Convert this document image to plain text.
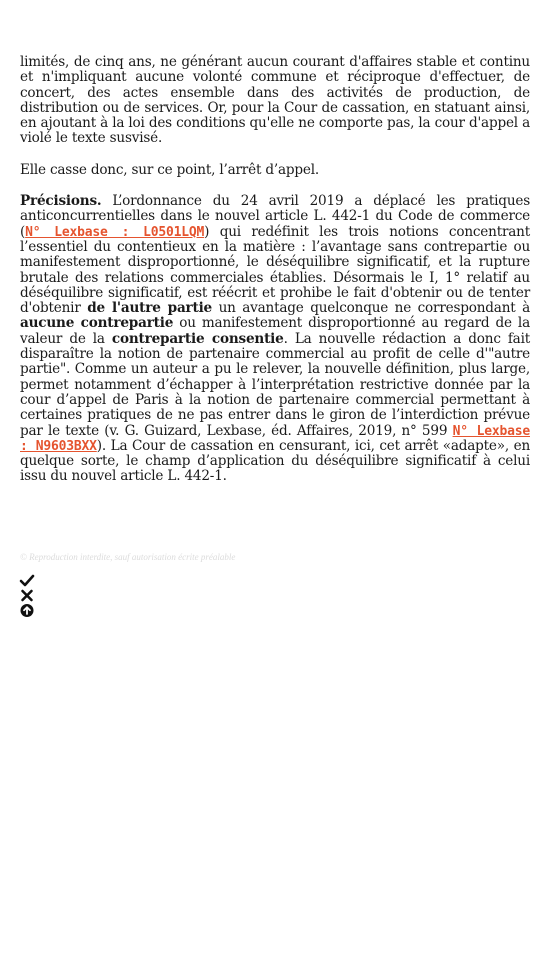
limités, de cinq ans, ne générant aucun courant d'affaires stable et continu et n'impliquant aucune volonté commune et réciproque d'effectuer, de concert, des actes ensemble dans des activités de production, de distribution ou de services. Or, pour la Cour de cassation, en statuant ainsi, en ajoutant à la loi des conditions qu'elle ne comporte pas, la cour d'appel a violé le texte susvisé.

Elle casse donc, sur ce point, l’arrêt d’appel.

Précisions. L’ordonnance du 24 avril 2019 a déplacé les pratiques anticoncurrentielles dans le nouvel article L. 442-1 du Code de commerce (N° Lexbase : L0501LQM) qui redéfinit les trois notions concentrant l’essentiel du contentieux en la matière : l’avantage sans contrepartie ou manifestement disproportionné, le déséquilibre significatif, et la rupture brutale des relations commerciales établies. Désormais le I, 1° relatif au déséquilibre significatif, est réécrit et prohibe le fait d'obtenir ou de tenter d'obtenir de l'autre partie un avantage quelconque ne correspondant à aucune contrepartie ou manifestement disproportionné au regard de la valeur de la contrepartie consentie. La nouvelle rédaction a donc fait disparaître la notion de partenaire commercial au profit de celle d'"autre partie". Comme un auteur a pu le relever, la nouvelle définition, plus large, permet notamment d’échapper à l’interprétation restrictive donnée par la cour d’appel de Paris à la notion de partenaire commercial permettant à certaines pratiques de ne pas entrer dans le giron de l’interdiction prévue par le texte (v. G. Guizard, Lexbase, éd. Affaires, 2019, n° 599 N° Lexbase : N9603BXX). La Cour de cassation en censurant, ici, cet arrêt «adapte», en quelque sorte, le champ d’application du déséquilibre significatif à celui issu du nouvel article L. 442-1.

© Reproduction interdite, sauf autorisation écrite préalable
